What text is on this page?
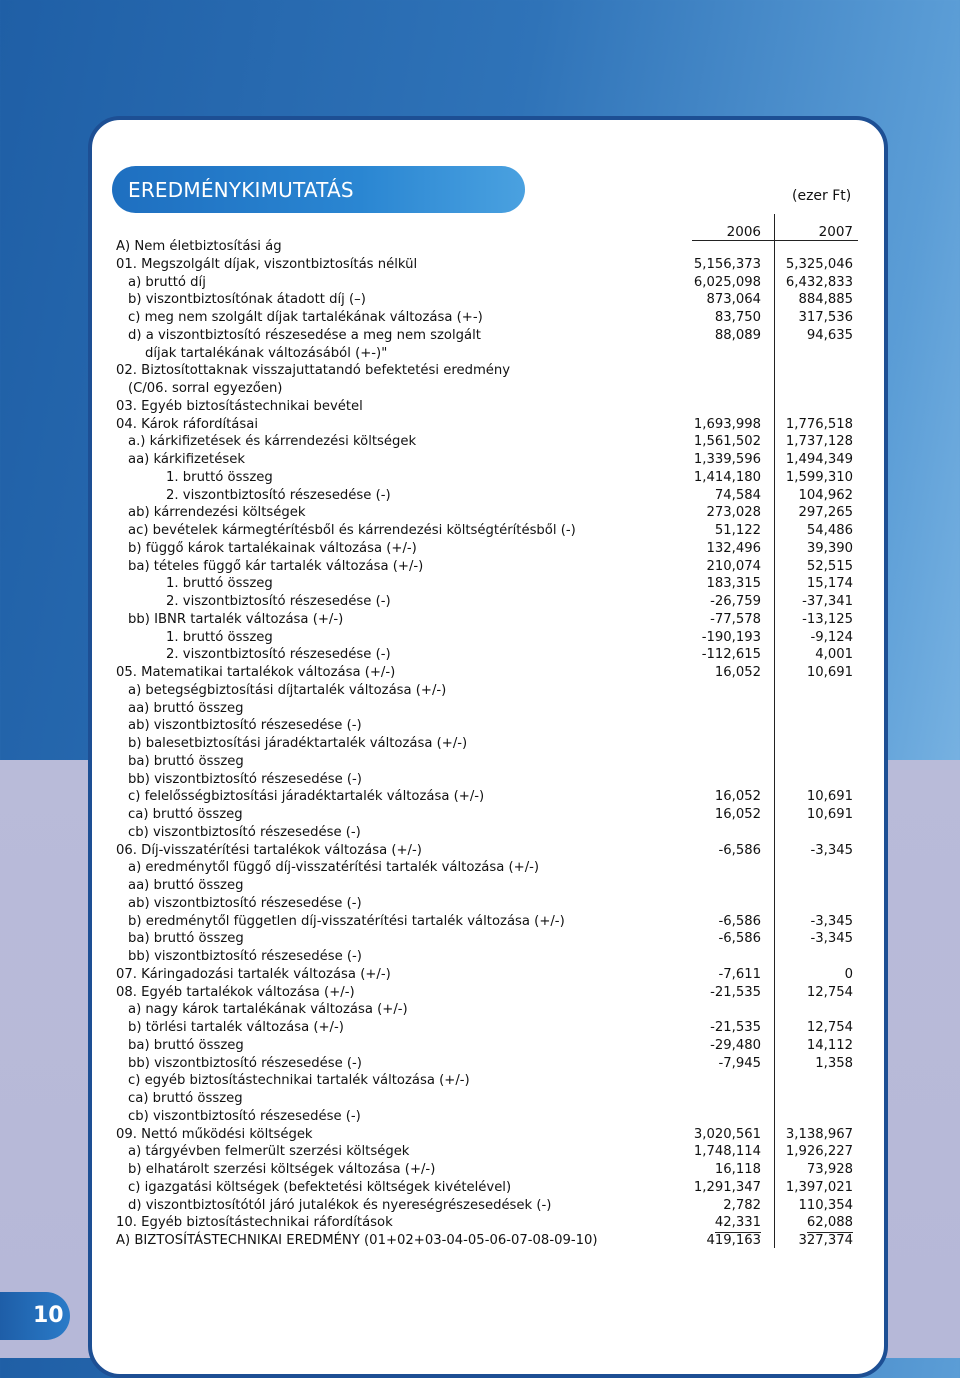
EREDMÉNYKIMUTATÁS	(ezer Ft)
2006	2007
A) Nem életbiztosítási ág
01. Megszolgált díjak, viszontbiztosítás nélkül	5,156,373 5,325,046
a) bruttó díj	6,025,098 6,432,833
b) viszontbiztosítónak átadott díj (–)	873,064	884,885
c) meg nem szolgált díjak tartalékának változása (+-)	83,750	317,536
d) a viszontbiztosító részesedése a meg nem szolgált	88,089	94,635
díjak tartalékának változásából (+-)"
02. Biztosítottaknak visszajuttatandó befektetési eredmény
(C/06. sorral egyezően)
03. Egyéb biztosítástechnikai bevétel
04. Károk ráfordításai	1,693,998 1,776,518
a.) kárkifizetések és kárrendezési költségek	1,561,502 1,737,128
aa) kárkifizetések	1,339,596 1,494,349
1. bruttó összeg	1,414,180 1,599,310
2. viszontbiztosító részesedése (-)	74,584	104,962
ab) kárrendezési költségek	273,028	297,265
ac) bevételek kármegtérítésből és kárrendezési költségtérítésből (-)	51,122	54,486
b) függő károk tartalékainak változása (+/-)	132,496	39,390
ba) tételes függő kár tartalék változása (+/-)	210,074	52,515
1. bruttó összeg	183,315	15,174
2. viszontbiztosító részesedése (-)	-26,759	-37,341
bb) IBNR tartalék változása (+/-)	-77,578	-13,125
1. bruttó összeg	-190,193	-9,124
2. viszontbiztosító részesedése (-)	-112,615	4,001
05. Matematikai tartalékok változása (+/-)	16,052	10,691
a) betegségbiztosítási díjtartalék változása (+/-)
aa) bruttó összeg
ab) viszontbiztosító részesedése (-)
b) balesetbiztosítási járadéktartalék változása (+/-)
ba) bruttó összeg
bb) viszontbiztosító részesedése (-)
c) felelősségbiztosítási járadéktartalék változása (+/-)	16,052	10,691
ca) bruttó összeg	16,052	10,691
cb) viszontbiztosító részesedése (-)
06. Díj-visszatérítési tartalékok változása (+/-)	-6,586	-3,345
a) eredménytől függő díj-visszatérítési tartalék változása (+/-)
aa) bruttó összeg
ab) viszontbiztosító részesedése (-)
b) eredménytől független díj-visszatérítési tartalék változása (+/-)	-6,586	-3,345
ba) bruttó összeg	-6,586	-3,345
bb) viszontbiztosító részesedése (-)
07. Káringadozási tartalék változása (+/-)	-7,611	0
08. Egyéb tartalékok változása (+/-)	-21,535	12,754
a) nagy károk tartalékának változása (+/-)
b) törlési tartalék változása (+/-)	-21,535	12,754
ba) bruttó összeg	-29,480	14,112
bb) viszontbiztosító részesedése (-)	-7,945	1,358
c) egyéb biztosítástechnikai tartalék változása (+/-)
ca) bruttó összeg
cb) viszontbiztosító részesedése (-)
09. Nettó működési költségek	3,020,561 3,138,967
a) tárgyévben felmerült szerzési költségek	1,748,114 1,926,227
b) elhatárolt szerzési költségek változása (+/-)	16,118	73,928
c) igazgatási költségek (befektetési költségek kivételével)	1,291,347 1,397,021
d) viszontbiztosítótól járó jutalékok és nyereségrészesedések (-)	2,782	110,354
10. Egyéb biztosítástechnikai ráfordítások	42,331	62,088
A) BIZTOSÍTÁSTECHNIKAI EREDMÉNY (01+02+03-04-05-06-07-08-09-10)	419,163	327,374
10
